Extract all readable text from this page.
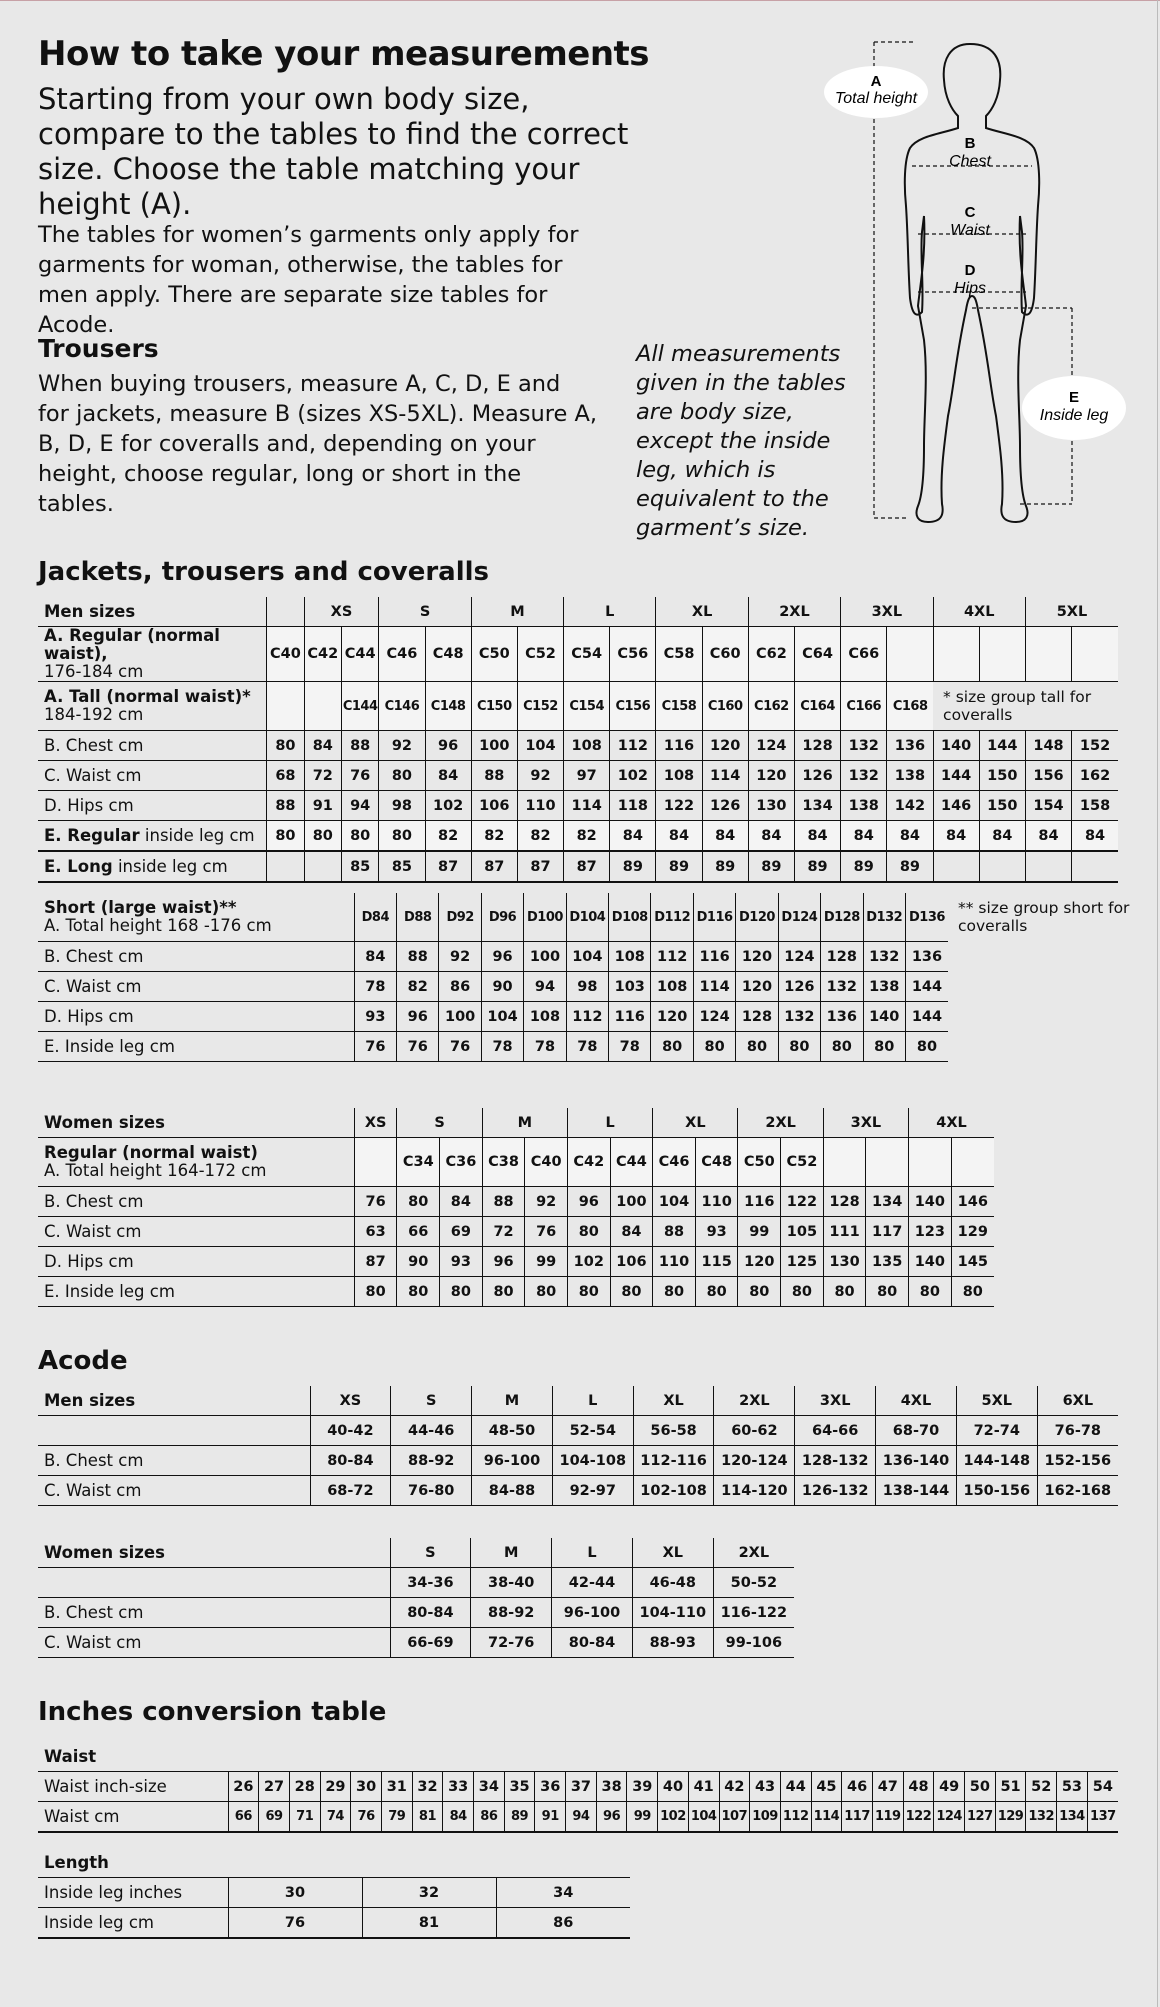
How to take your measurements

Starting from your own body size, compare to the tables to find the correct size. Choose the table matching your height (A).

The tables for women’s garments only apply for garments for woman, otherwise, the tables for men apply. There are separate size tables for Acode.

Trousers

When buying trousers, measure A, C, D, E and for jackets, measure B (sizes XS-5XL). Measure A, B, D, E for coveralls and, depending on your height, choose regular, long or short in the tables.

All measurements given in the tables are body size, except the inside leg, which is equivalent to the garment’s size.

A
Total height
B
Chest
C
Waist
D
Hips
E
Inside leg
Jackets, trousers and coveralls
Men sizes		XS		S		M		L		XL		2XL		3XL		4XL		5XL	
A. Regular (normal waist),
176-184 cm	C40	C42	C44	C46	C48	C50	C52	C54	C56	C58	C60	C62	C64	C66					
A. Tall (normal waist)*
184-192 cm			C144	C146	C148	C150	C152	C154	C156	C158	C160	C162	C164	C166	C168	* size group tall for coveralls			
B. Chest cm	80	84	88	92	96	100	104	108	112	116	120	124	128	132	136	140	144	148	152
C. Waist cm	68	72	76	80	84	88	92	97	102	108	114	120	126	132	138	144	150	156	162
D. Hips cm	88	91	94	98	102	106	110	114	118	122	126	130	134	138	142	146	150	154	158
E. Regular inside leg cm	80	80	80	80	82	82	82	82	84	84	84	84	84	84	84	84	84	84	84
E. Long inside leg cm			85	85	87	87	87	87	89	89	89	89	89	89	89				
Short (large waist)**
A. Total height 168 -176 cm	D84	D88	D92	D96	D100	D104	D108	D112	D116	D120	D124	D128	D132	D136	** size group short for coveralls

B. Chest cm	84	88	92	96	100	104	108	112	116	120	124	128	132	136
C. Waist cm	78	82	86	90	94	98	103	108	114	120	126	132	138	144
D. Hips cm	93	96	100	104	108	112	116	120	124	128	132	136	140	144
E. Inside leg cm	76	76	76	78	78	78	78	80	80	80	80	80	80	80
Women sizes	XS	S		M		L		XL		2XL		3XL		4XL	
Regular (normal waist)
A. Total height 164-172 cm		C34	C36	C38	C40	C42	C44	C46	C48	C50	C52				
B. Chest cm	76	80	84	88	92	96	100	104	110	116	122	128	134	140	146
C. Waist cm	63	66	69	72	76	80	84	88	93	99	105	111	117	123	129
D. Hips cm	87	90	93	96	99	102	106	110	115	120	125	130	135	140	145
E. Inside leg cm	80	80	80	80	80	80	80	80	80	80	80	80	80	80	80
Acode
Men sizes	XS	S	M	L	XL	2XL	3XL	4XL	5XL	6XL
	40-42	44-46	48-50	52-54	56-58	60-62	64-66	68-70	72-74	76-78
B. Chest cm	80-84	88-92	96-100	104-108	112-116	120-124	128-132	136-140	144-148	152-156
C. Waist cm	68-72	76-80	84-88	92-97	102-108	114-120	126-132	138-144	150-156	162-168
Women sizes	S	M	L	XL	2XL
	34-36	38-40	42-44	46-48	50-52
B. Chest cm	80-84	88-92	96-100	104-110	116-122
C. Waist cm	66-69	72-76	80-84	88-93	99-106
Inches conversion table
Waist																													
Waist inch-size	26	27	28	29	30	31	32	33	34	35	36	37	38	39	40	41	42	43	44	45	46	47	48	49	50	51	52	53	54
Waist cm	66	69	71	74	76	79	81	84	86	89	91	94	96	99	102	104	107	109	112	114	117	119	122	124	127	129	132	134	137
Length			
Inside leg inches	30	32	34
Inside leg cm	76	81	86
